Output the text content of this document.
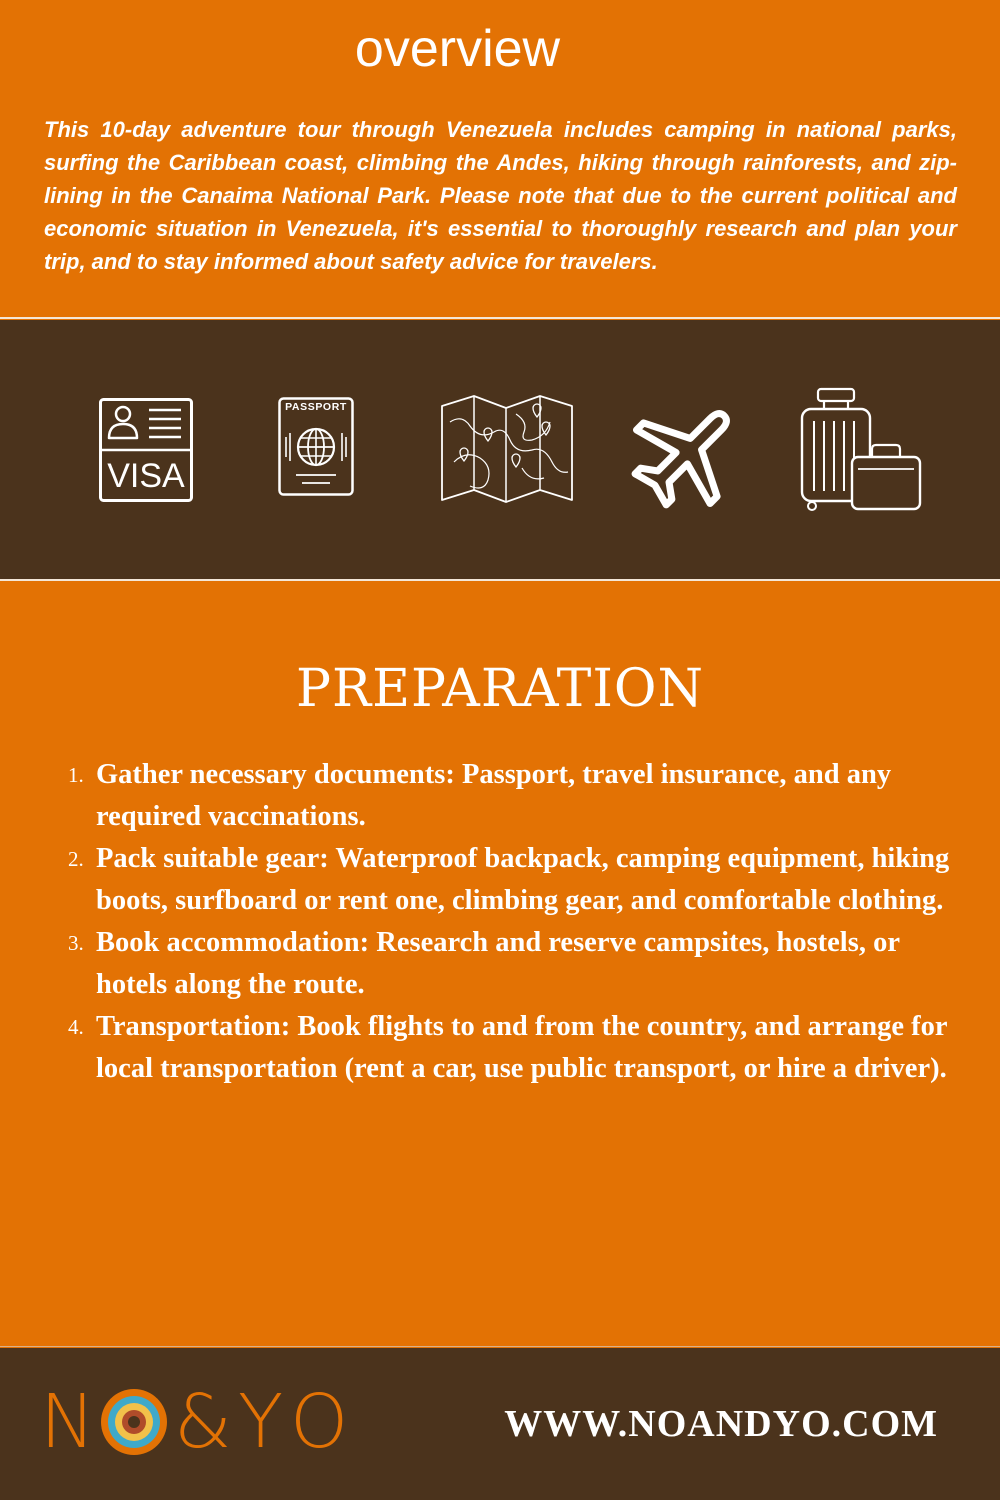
overview

This 10-day adventure tour through Venezuela includes camping in national parks, surfing the Caribbean coast, climbing the Andes, hiking through rainforests, and zip-lining in the Canaima National Park. Please note that due to the current political and economic situation in Venezuela, it's essential to thoroughly research and plan your trip, and to stay informed about safety advice for travelers.

VISA
PASSPORT
PREPARATION
1. Gather necessary documents: Passport, travel insurance, and any required vaccinations.
2. Pack suitable gear: Waterproof backpack, camping equipment, hiking boots, surfboard or rent one, climbing gear, and comfortable clothing.
3. Book accommodation: Research and reserve campsites, hostels, or hotels along the route.
4. Transportation: Book flights to and from the country, and arrange for local transportation (rent a car, use public transport, or hire a driver).
N & Y O	WWW.NOANDYO.COM
